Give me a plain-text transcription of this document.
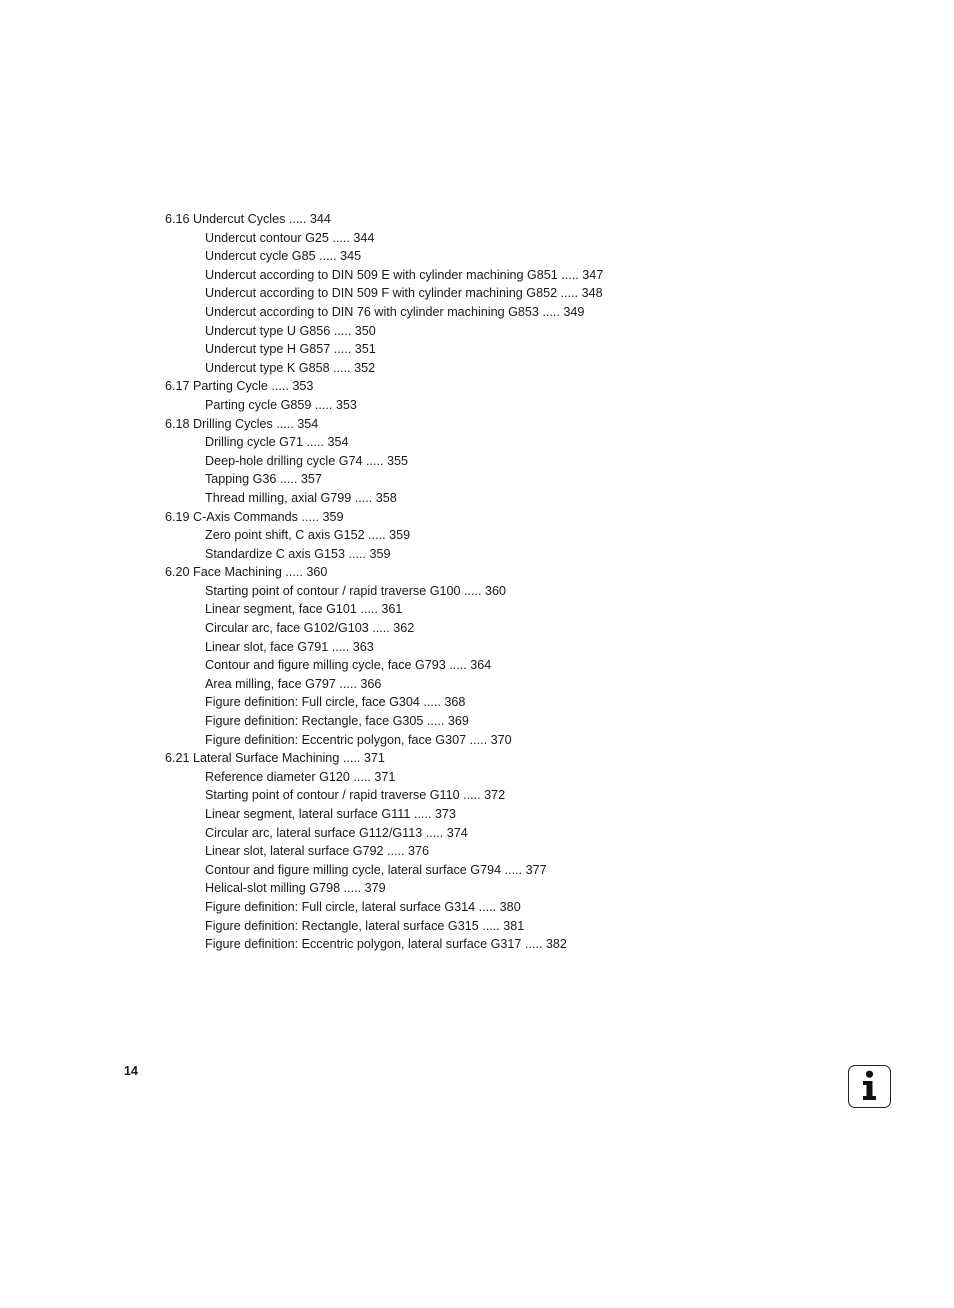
6.16 Undercut Cycles ..... 344
Undercut contour G25 ..... 344
Undercut cycle G85 ..... 345
Undercut according to DIN 509 E with cylinder machining G851 ..... 347
Undercut according to DIN 509 F with cylinder machining G852 ..... 348
Undercut according to DIN 76 with cylinder machining G853 ..... 349
Undercut type U G856 ..... 350
Undercut type H G857 ..... 351
Undercut type K G858 ..... 352
6.17 Parting Cycle ..... 353
Parting cycle G859 ..... 353
6.18 Drilling Cycles ..... 354
Drilling cycle G71 ..... 354
Deep-hole drilling cycle G74 ..... 355
Tapping G36 ..... 357
Thread milling, axial G799 ..... 358
6.19 C-Axis Commands ..... 359
Zero point shift, C axis G152 ..... 359
Standardize C axis G153 ..... 359
6.20 Face Machining ..... 360
Starting point of contour / rapid traverse G100 ..... 360
Linear segment, face G101 ..... 361
Circular arc, face G102/G103 ..... 362
Linear slot, face G791 ..... 363
Contour and figure milling cycle, face G793 ..... 364
Area milling, face G797 ..... 366
Figure definition: Full circle, face G304 ..... 368
Figure definition: Rectangle, face G305 ..... 369
Figure definition: Eccentric polygon, face G307 ..... 370
6.21 Lateral Surface Machining ..... 371
Reference diameter G120 ..... 371
Starting point of contour / rapid traverse G110 ..... 372
Linear segment, lateral surface G111 ..... 373
Circular arc, lateral surface G112/G113 ..... 374
Linear slot, lateral surface G792 ..... 376
Contour and figure milling cycle, lateral surface G794 ..... 377
Helical-slot milling G798 ..... 379
Figure definition: Full circle, lateral surface G314 ..... 380
Figure definition: Rectangle, lateral surface G315 ..... 381
Figure definition: Eccentric polygon, lateral surface G317 ..... 382
14
